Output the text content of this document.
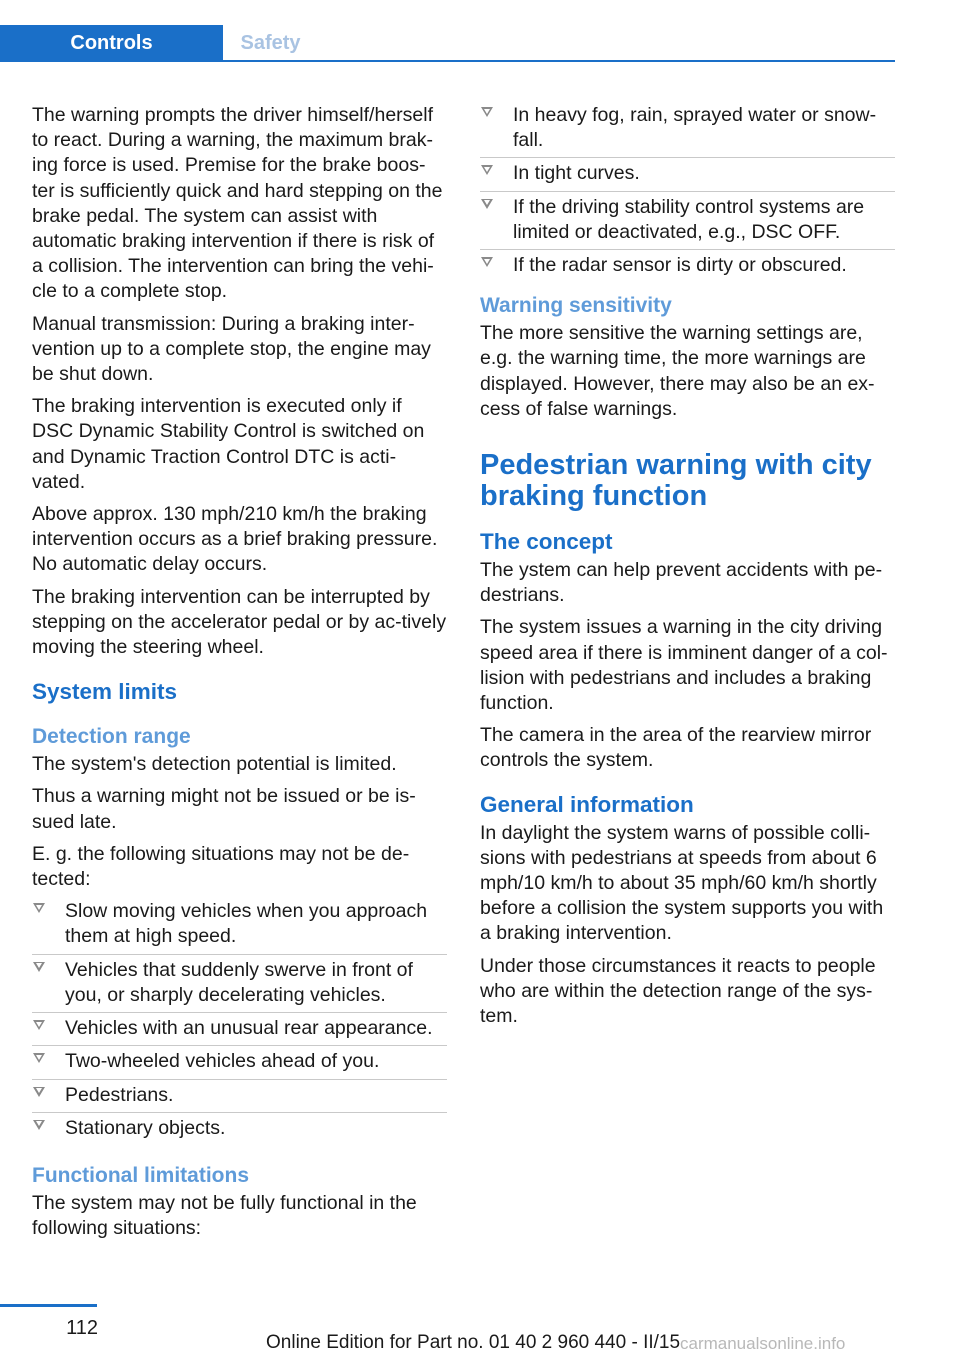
Controls	Safety

The warning prompts the driver himself/herself to react. During a warning, the maximum brak‐ing force is used. Premise for the brake boos‐ter is sufficiently quick and hard stepping on the brake pedal. The system can assist with automatic braking intervention if there is risk of a collision. The intervention can bring the vehi‐cle to a complete stop.

Manual transmission: During a braking inter‐vention up to a complete stop, the engine may be shut down.

The braking intervention is executed only if DSC Dynamic Stability Control is switched on and Dynamic Traction Control DTC is acti‐vated.

Above approx. 130 mph/210 km/h the braking intervention occurs as a brief braking pressure. No automatic delay occurs.

The braking intervention can be interrupted by stepping on the accelerator pedal or by ac‐tively moving the steering wheel.

System limits
Detection range

The system's detection potential is limited.

Thus a warning might not be issued or be is‐sued late.

E. g. the following situations may not be de‐tected:

Slow moving vehicles when you approach them at high speed.
Vehicles that suddenly swerve in front of you, or sharply decelerating vehicles.
Vehicles with an unusual rear appearance.
Two-wheeled vehicles ahead of you.
Pedestrians.
Stationary objects.
Functional limitations

The system may not be fully functional in the following situations:

In heavy fog, rain, sprayed water or snow‐fall.
In tight curves.
If the driving stability control systems are limited or deactivated, e.g., DSC OFF.
If the radar sensor is dirty or obscured.
Warning sensitivity

The more sensitive the warning settings are, e.g. the warning time, the more warnings are displayed. However, there may also be an ex‐cess of false warnings.

Pedestrian warning with city braking function
The concept

The ystem can help prevent accidents with pe‐destrians.

The system issues a warning in the city driving speed area if there is imminent danger of a col‐lision with pedestrians and includes a braking function.

The camera in the area of the rearview mirror controls the system.

General information

In daylight the system warns of possible colli‐sions with pedestrians at speeds from about 6 mph/10 km/h to about 35 mph/60 km/h shortly before a collision the system supports you with a braking intervention.

Under those circumstances it reacts to people who are within the detection range of the sys‐tem.

112
Online Edition for Part no. 01 40 2 960 440 - II/15 carmanualsonline.info
